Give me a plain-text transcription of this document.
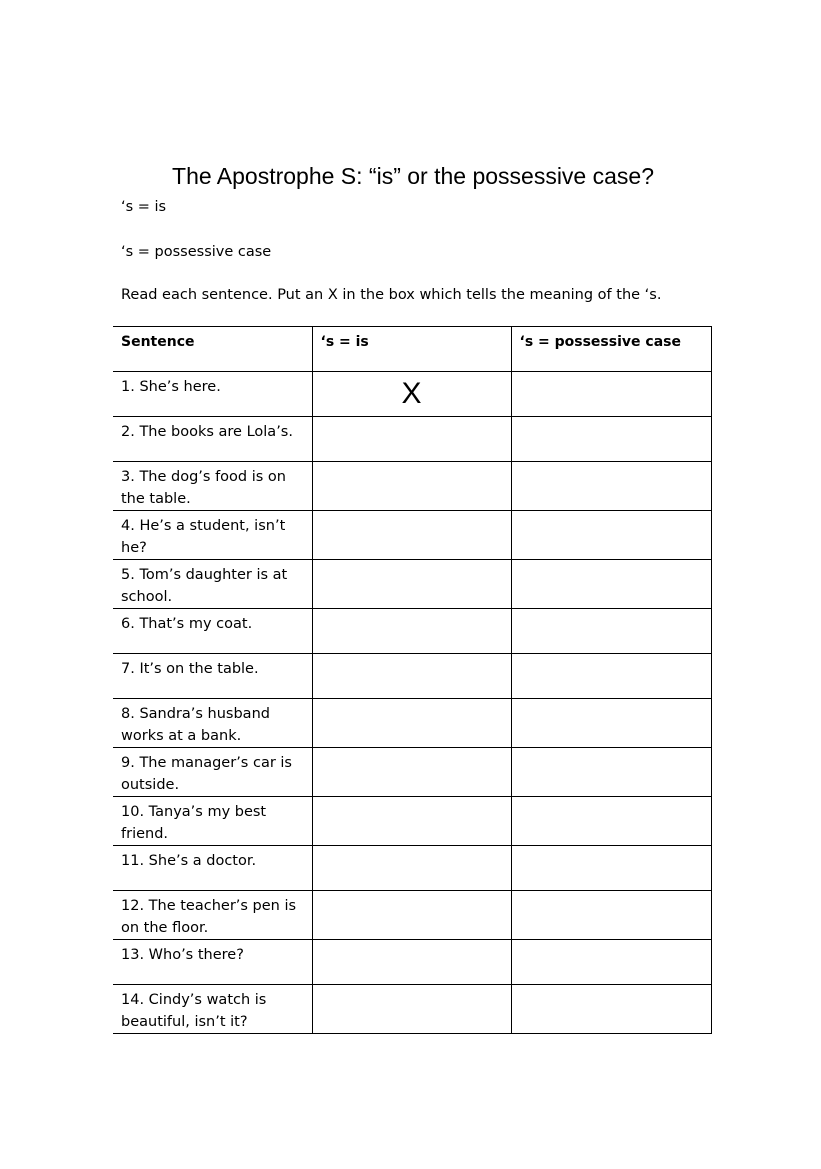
The Apostrophe S: “is” or the possessive case?
‘s = is
‘s = possessive case
Read each sentence. Put an X in the box which tells the meaning of the ‘s.
Sentence	‘s = is	‘s = possessive case
1. She’s here.	X	
2. The books are Lola’s.		
3. The dog’s food is on the table.		
4. He’s a student, isn’t he?		
5. Tom’s daughter is at school.		
6. That’s my coat.		
7. It’s on the table.		
8. Sandra’s husband works at a bank.		
9. The manager’s car is outside.		
10. Tanya’s my best friend.		
11. She’s a doctor.		
12. The teacher’s pen is on the floor.		
13. Who’s there?		
14. Cindy’s watch is beautiful, isn’t it?		
